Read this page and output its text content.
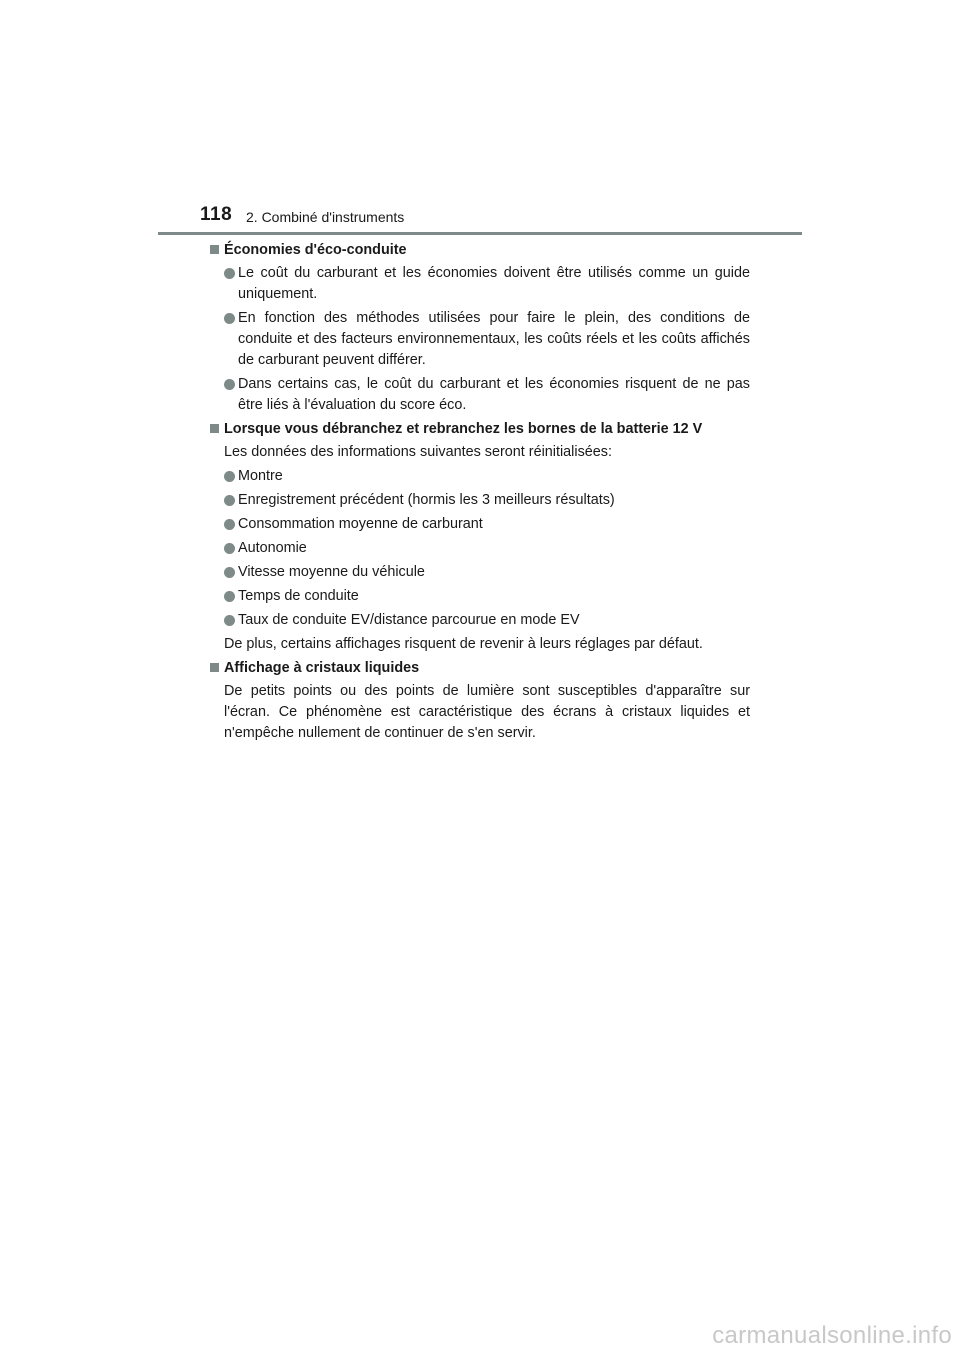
118 2. Combiné d'instruments
Économies d'éco-conduite
Le coût du carburant et les économies doivent être utilisés comme un guide uniquement.
En fonction des méthodes utilisées pour faire le plein, des conditions de conduite et des facteurs environnementaux, les coûts réels et les coûts affichés de carburant peuvent différer.
Dans certains cas, le coût du carburant et les économies risquent de ne pas être liés à l'évaluation du score éco.
Lorsque vous débranchez et rebranchez les bornes de la batterie 12 V

Les données des informations suivantes seront réinitialisées:

Montre
Enregistrement précédent (hormis les 3 meilleurs résultats)
Consommation moyenne de carburant
Autonomie
Vitesse moyenne du véhicule
Temps de conduite
Taux de conduite EV/distance parcourue en mode EV

De plus, certains affichages risquent de revenir à leurs réglages par défaut.

Affichage à cristaux liquides

De petits points ou des points de lumière sont susceptibles d'apparaître sur l'écran. Ce phénomène est caractéristique des écrans à cristaux liquides et n'empêche nullement de continuer de s'en servir.

carmanualsonline.info
